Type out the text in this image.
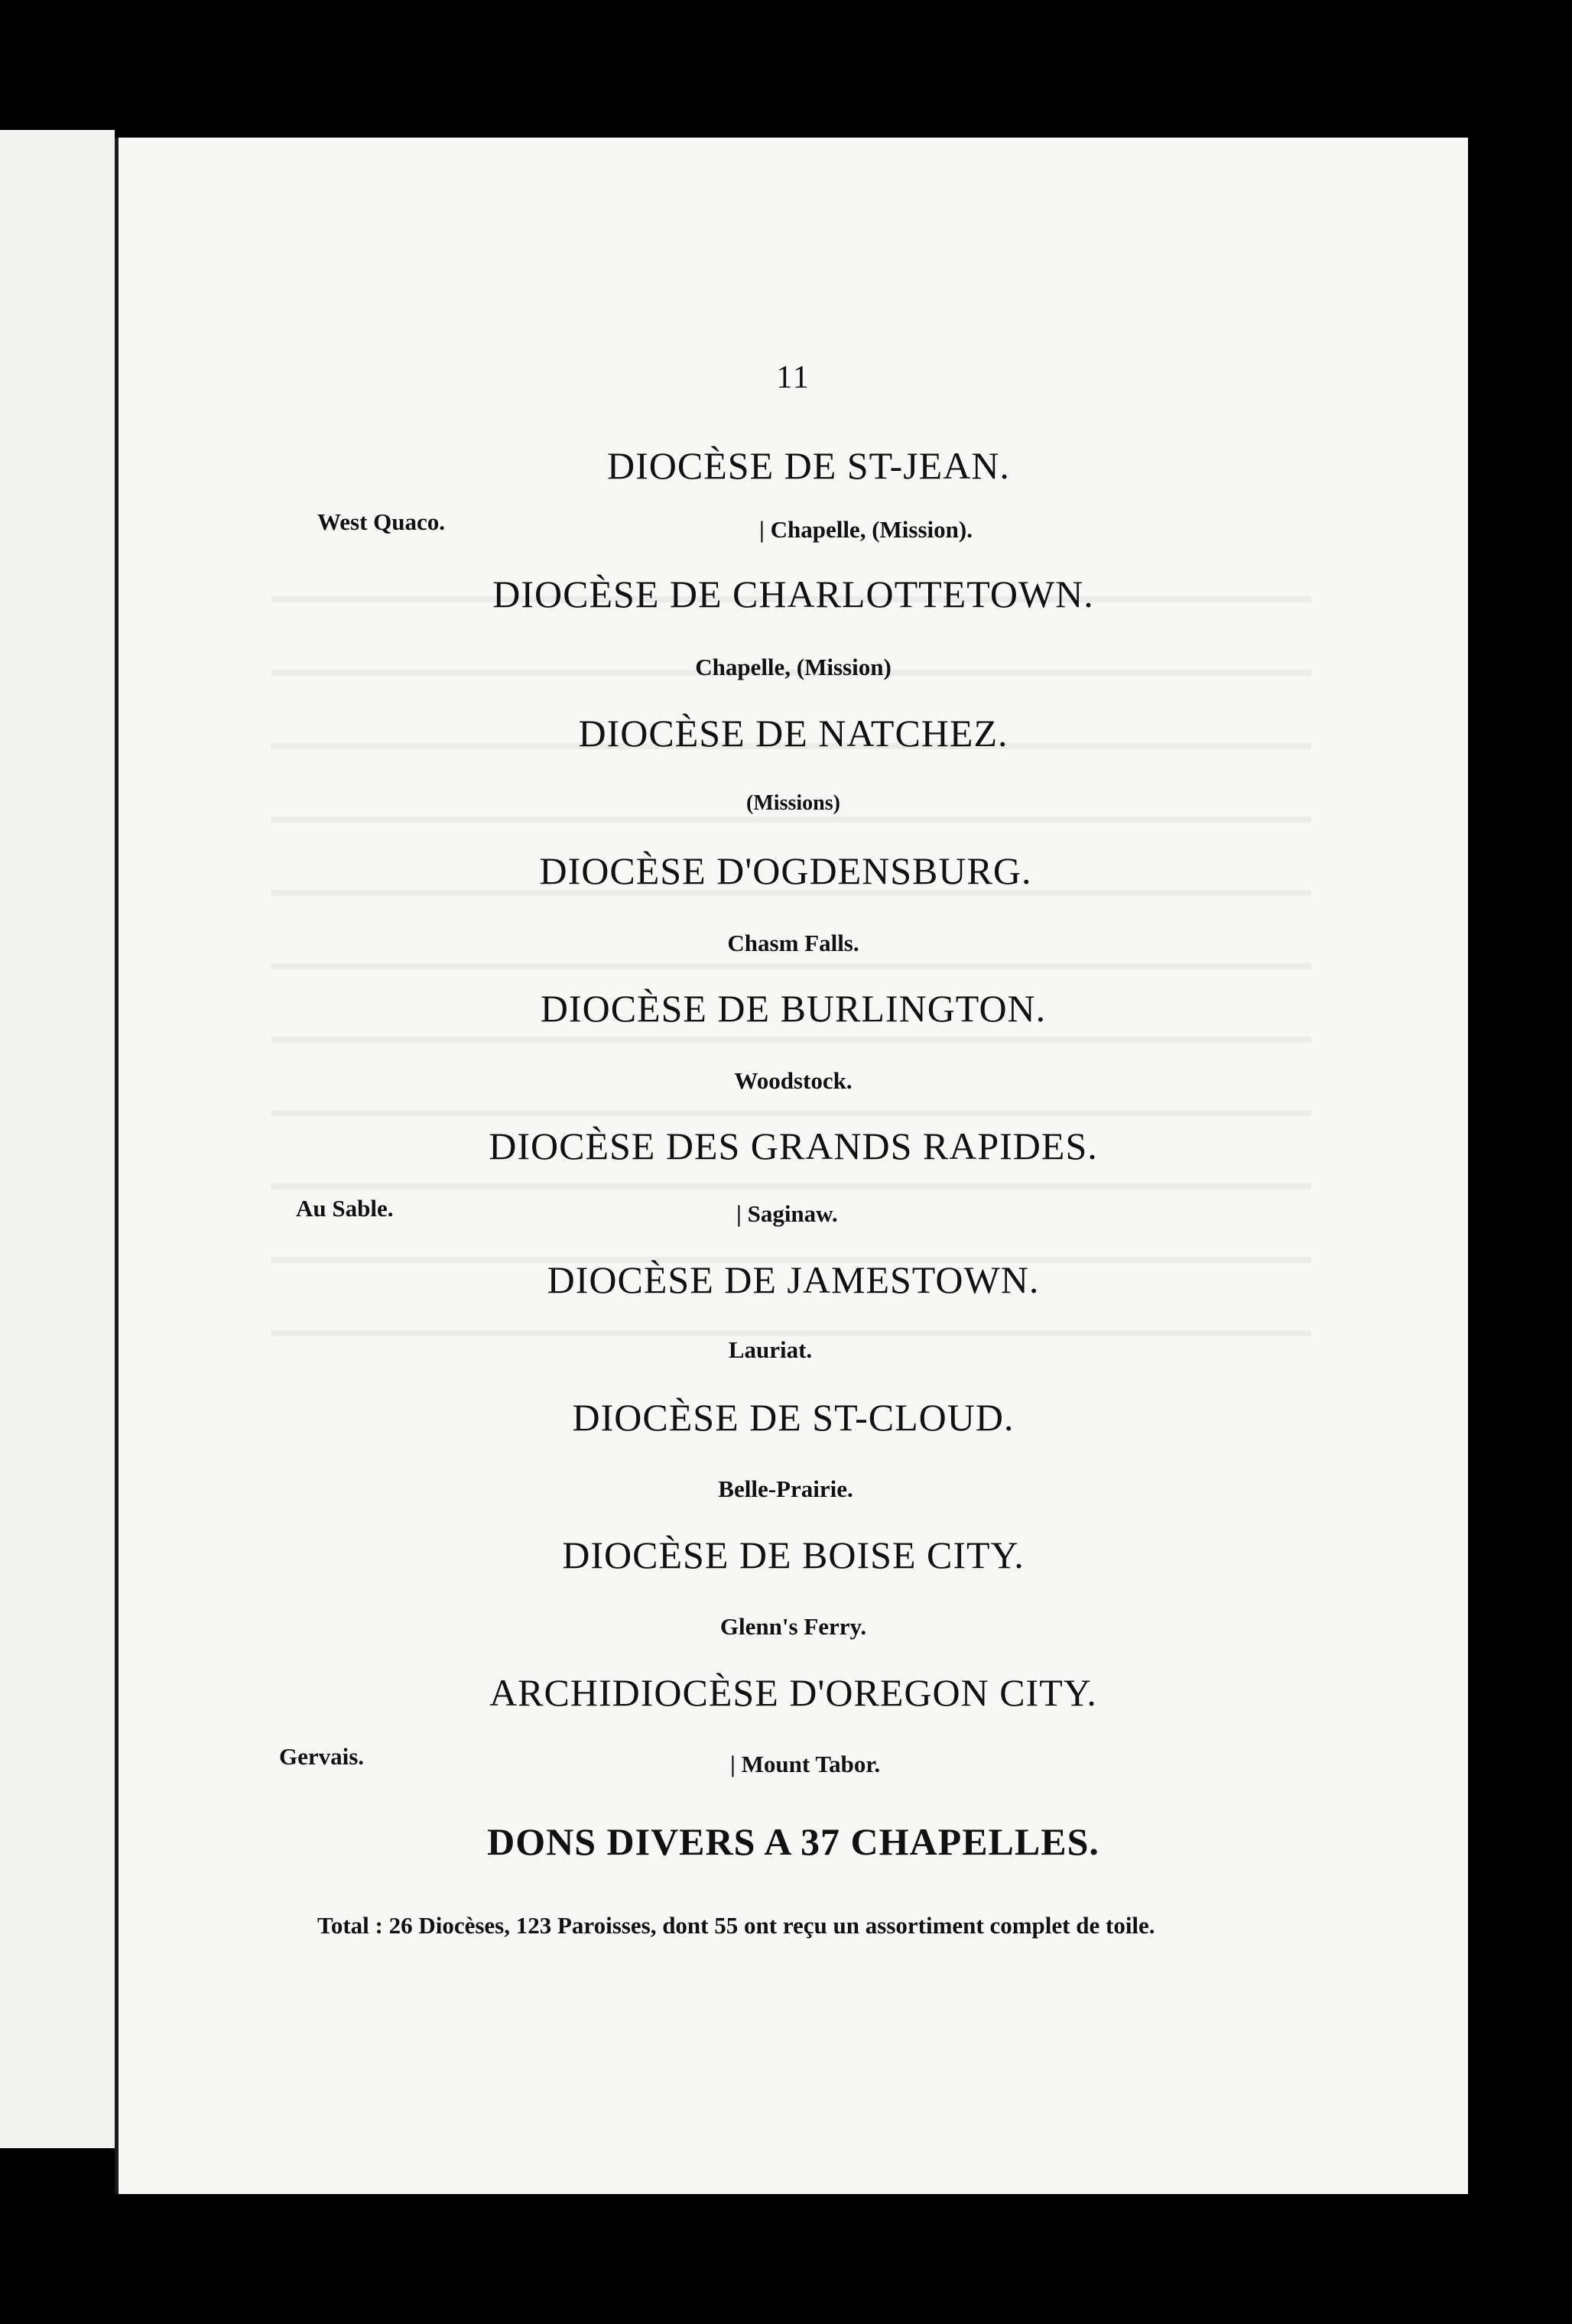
11
DIOCÈSE DE ST-JEAN.
West Quaco.	| Chapelle, (Mission).
DIOCÈSE DE CHARLOTTETOWN.
Chapelle, (Mission)
DIOCÈSE DE NATCHEZ.
(Missions)
DIOCÈSE D'OGDENSBURG.
Chasm Falls.
DIOCÈSE DE BURLINGTON.
Woodstock.
DIOCÈSE DES GRANDS RAPIDES.
Au Sable.	| Saginaw.
DIOCÈSE DE JAMESTOWN.
Lauriat.
DIOCÈSE DE ST-CLOUD.
Belle-Prairie.
DIOCÈSE DE BOISE CITY.
Glenn's Ferry.
ARCHIDIOCÈSE D'OREGON CITY.
Gervais.	| Mount Tabor.
DONS DIVERS A 37 CHAPELLES.
Total : 26 Diocèses, 123 Paroisses, dont 55 ont reçu un assortiment complet de toile.
